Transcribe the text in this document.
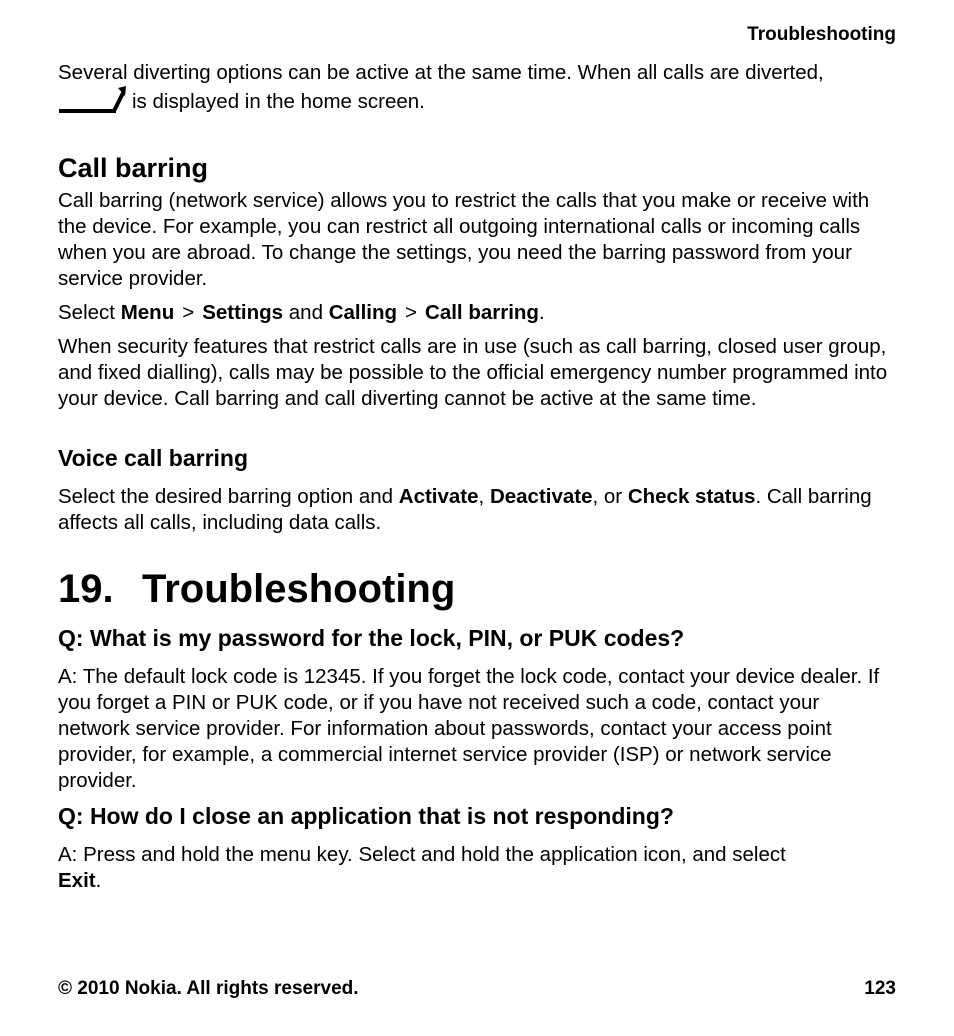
Troubleshooting

Several diverting options can be active at the same time. When all calls are diverted,

is displayed in the home screen.

Call barring

Call barring (network service) allows you to restrict the calls that you make or receive with the device. For example, you can restrict all outgoing international calls or incoming calls when you are abroad. To change the settings, you need the barring password from your service provider.

Select Menu > Settings and Calling > Call barring.

When security features that restrict calls are in use (such as call barring, closed user group, and fixed dialling), calls may be possible to the official emergency number programmed into your device. Call barring and call diverting cannot be active at the same time.

Voice call barring

Select the desired barring option and Activate, Deactivate, or Check status. Call barring affects all calls, including data calls.

19. Troubleshooting
Q: What is my password for the lock, PIN, or PUK codes?

A: The default lock code is 12345. If you forget the lock code, contact your device dealer. If you forget a PIN or PUK code, or if you have not received such a code, contact your network service provider. For information about passwords, contact your access point provider, for example, a commercial internet service provider (ISP) or network service provider.

Q: How do I close an application that is not responding?

A: Press and hold the menu key. Select and hold the application icon, and select
Exit.

© 2010 Nokia. All rights reserved.	123
